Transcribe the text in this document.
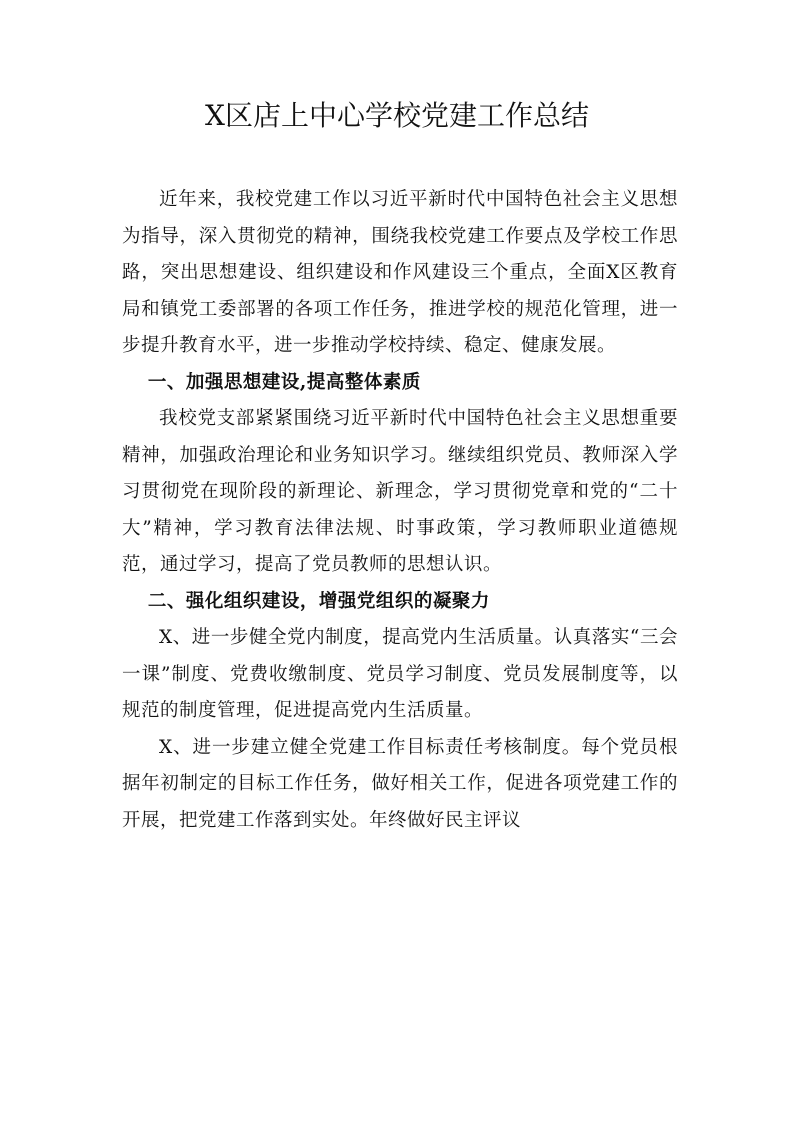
X区店上中心学校党建工作总结

近年来，我校党建工作以习近平新时代中国特色社会主义思想为指导，深入贯彻党的精神，围绕我校党建工作要点及学校工作思路，突出思想建设、组织建设和作风建设三个重点，全面X区教育局和镇党工委部署的各项工作任务，推进学校的规范化管理，进一步提升教育水平，进一步推动学校持续、稳定、健康发展。

一、加强思想建设,提高整体素质

我校党支部紧紧围绕习近平新时代中国特色社会主义思想重要精神，加强政治理论和业务知识学习。继续组织党员、教师深入学习贯彻党在现阶段的新理论、新理念，学习贯彻党章和党的“二十大”精神，学习教育法律法规、时事政策，学习教师职业道德规范，通过学习，提高了党员教师的思想认识。

二、强化组织建设，增强党组织的凝聚力

X、进一步健全党内制度，提高党内生活质量。认真落实“三会一课”制度、党费收缴制度、党员学习制度、党员发展制度等，以规范的制度管理，促进提高党内生活质量。

X、进一步建立健全党建工作目标责任考核制度。每个党员根据年初制定的目标工作任务，做好相关工作，促进各项党建工作的开展，把党建工作落到实处。年终做好民主评议
